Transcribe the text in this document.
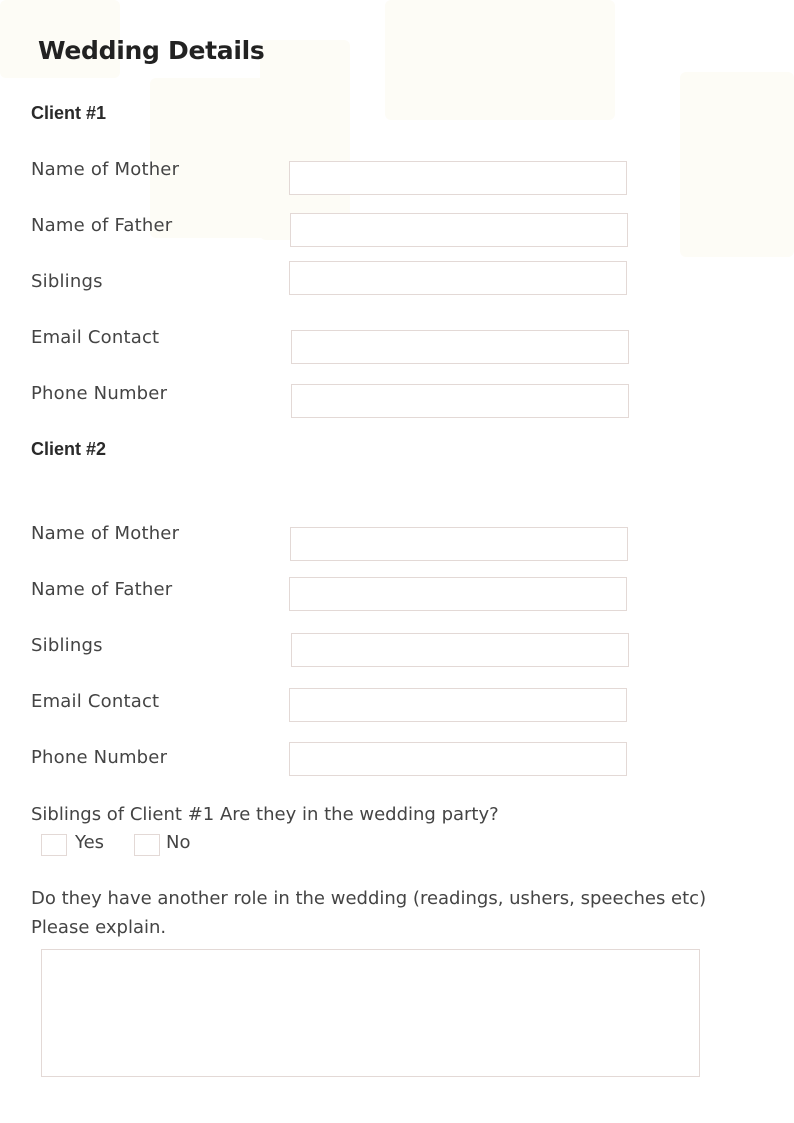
Wedding Details
Client #1
Name of Mother
Name of Father
Siblings
Email Contact
Phone Number
Client #2
Name of Mother
Name of Father
Siblings
Email Contact
Phone Number
Siblings of Client #1 Are they in the wedding party?
Yes	No
Do they have another role in the wedding (readings, ushers, speeches etc) Please explain.
